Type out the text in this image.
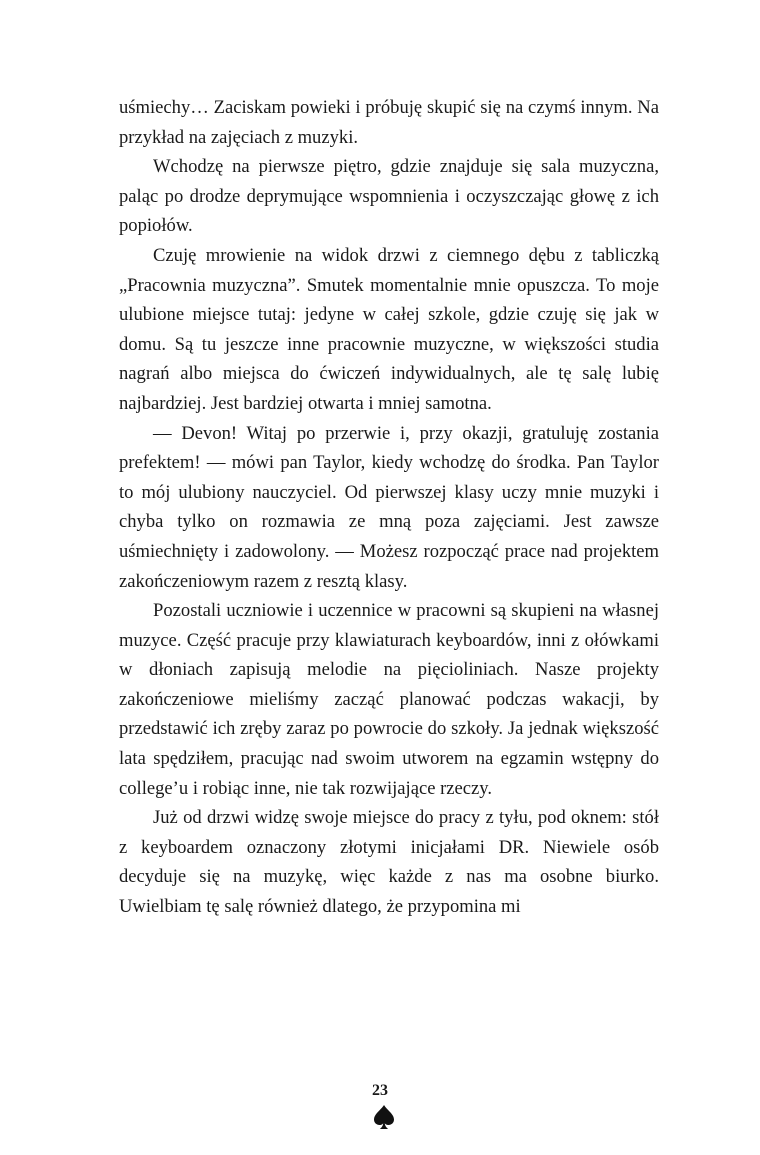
uśmiechy… Zaciskam powieki i próbuję skupić się na czymś innym. Na przykład na zajęciach z muzyki.

Wchodzę na pierwsze piętro, gdzie znajduje się sala muzyczna, paląc po drodze deprymujące wspomnienia i oczyszczając głowę z ich popiołów.

Czuję mrowienie na widok drzwi z ciemnego dębu z tabliczką „Pracownia muzyczna”. Smutek momentalnie mnie opuszcza. To moje ulubione miejsce tutaj: jedyne w całej szkole, gdzie czuję się jak w domu. Są tu jeszcze inne pracownie muzyczne, w większości studia nagrań albo miejsca do ćwiczeń indywidualnych, ale tę salę lubię najbardziej. Jest bardziej otwarta i mniej samotna.

— Devon! Witaj po przerwie i, przy okazji, gratuluję zostania prefektem! — mówi pan Taylor, kiedy wchodzę do środka. Pan Taylor to mój ulubiony nauczyciel. Od pierwszej klasy uczy mnie muzyki i chyba tylko on rozmawia ze mną poza zajęciami. Jest zawsze uśmiechnięty i zadowolony. — Możesz rozpocząć prace nad projektem zakończeniowym razem z resztą klasy.

Pozostali uczniowie i uczennice w pracowni są skupieni na własnej muzyce. Część pracuje przy klawiaturach keyboardów, inni z ołówkami w dłoniach zapisują melodie na pięcioliniach. Nasze projekty zakończeniowe mieliśmy zacząć planować podczas wakacji, by przedstawić ich zręby zaraz po powrocie do szkoły. Ja jednak większość lata spędziłem, pracując nad swoim utworem na egzamin wstępny do college’u i robiąc inne, nie tak rozwijające rzeczy.

Już od drzwi widzę swoje miejsce do pracy z tyłu, pod oknem: stół z keyboardem oznaczony złotymi inicjałami DR. Niewiele osób decyduje się na muzykę, więc każde z nas ma osobne biurko. Uwielbiam tę salę również dlatego, że przypomina mi

23
